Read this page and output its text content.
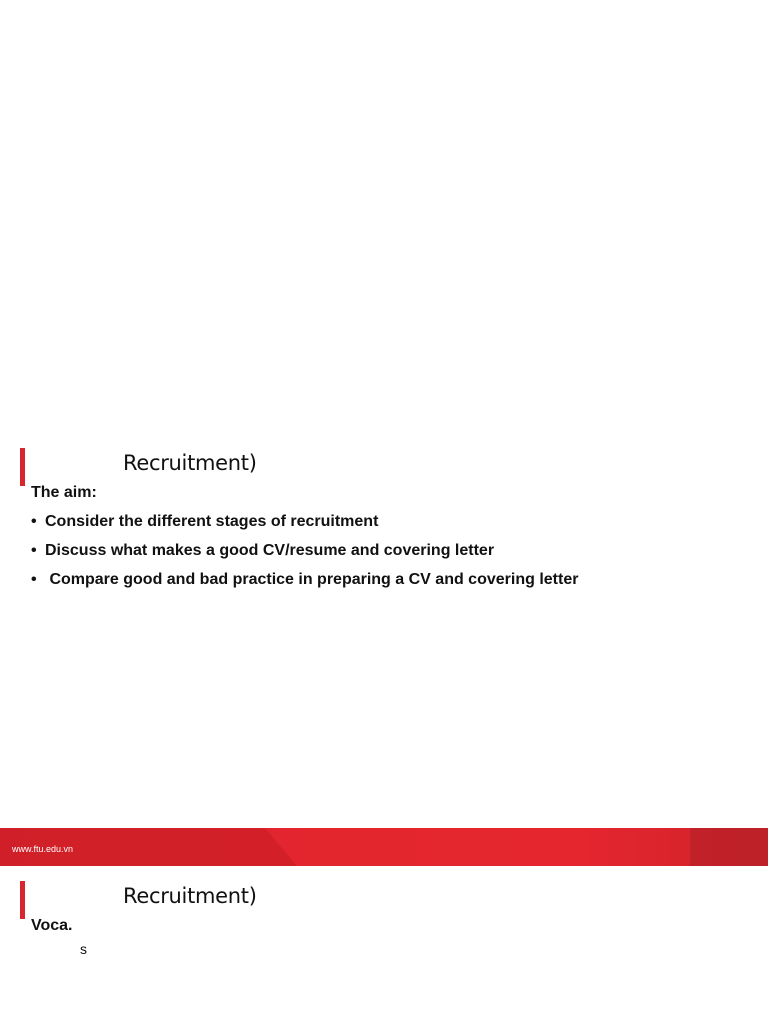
Recruitment)
The aim:
• Consider the different stages of recruitment
• Discuss what makes a good CV/resume and covering letter
• Compare good and bad practice in preparing a CV and covering letter
www.ftu.edu.vn
Recruitment)
Voca.
s
